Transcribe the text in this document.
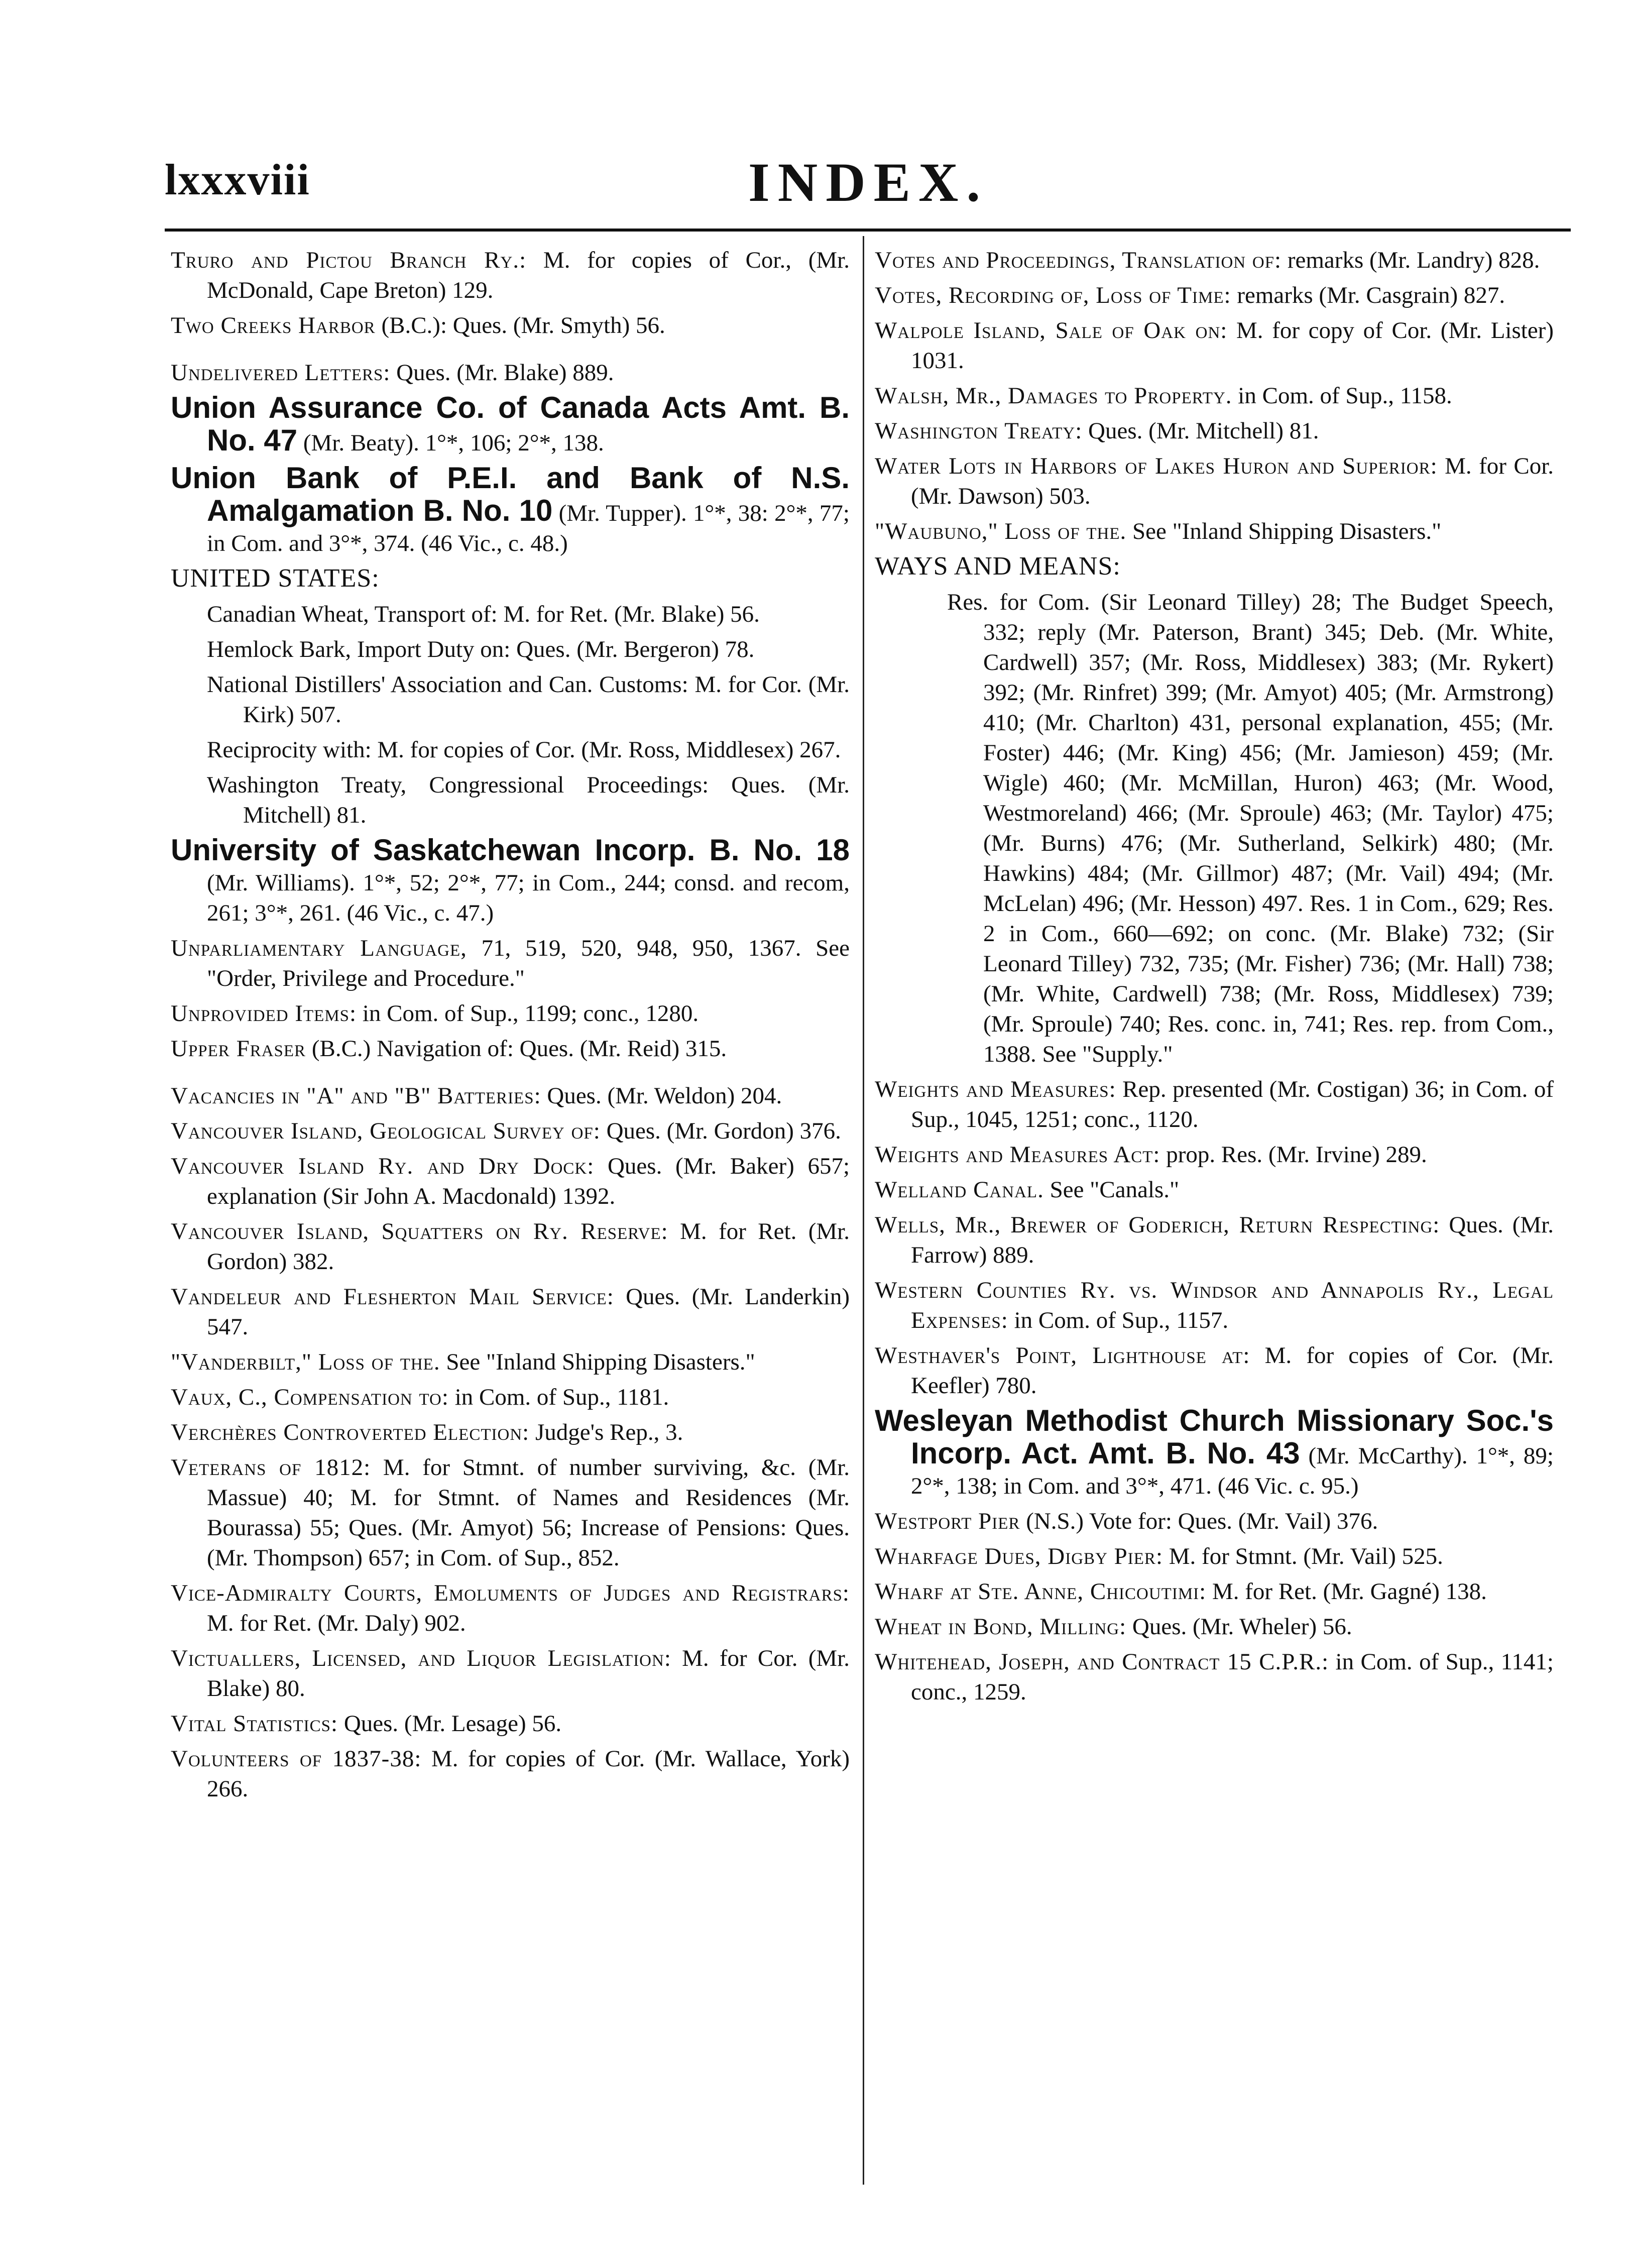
lxxxviii	INDEX.
Truro and Pictou Branch Ry.: M. for copies of Cor., (Mr. McDonald, Cape Breton) 129.
Two Creeks Harbor (B.C.): Ques. (Mr. Smyth) 56.
Undelivered Letters: Ques. (Mr. Blake) 889.
Union Assurance Co. of Canada Acts Amt. B. No. 47 (Mr. Beaty). 1°*, 106; 2°*, 138.
Union Bank of P.E.I. and Bank of N.S. Amalgamation B. No. 10 (Mr. Tupper). 1°*, 38: 2°*, 77; in Com. and 3°*, 374. (46 Vic., c. 48.)
UNITED STATES:
Canadian Wheat, Transport of: M. for Ret. (Mr. Blake) 56.
Hemlock Bark, Import Duty on: Ques. (Mr. Bergeron) 78.
National Distillers' Association and Can. Customs: M. for Cor. (Mr. Kirk) 507.
Reciprocity with: M. for copies of Cor. (Mr. Ross, Middlesex) 267.
Washington Treaty, Congressional Proceedings: Ques. (Mr. Mitchell) 81.
University of Saskatchewan Incorp. B. No. 18 (Mr. Williams). 1°*, 52; 2°*, 77; in Com., 244; consd. and recom, 261; 3°*, 261. (46 Vic., c. 47.)
Unparliamentary Language, 71, 519, 520, 948, 950, 1367. See "Order, Privilege and Procedure."
Unprovided Items: in Com. of Sup., 1199; conc., 1280.
Upper Fraser (B.C.) Navigation of: Ques. (Mr. Reid) 315.
Vacancies in "A" and "B" Batteries: Ques. (Mr. Weldon) 204.
Vancouver Island, Geological Survey of: Ques. (Mr. Gordon) 376.
Vancouver Island Ry. and Dry Dock: Ques. (Mr. Baker) 657; explanation (Sir John A. Macdonald) 1392.
Vancouver Island, Squatters on Ry. Reserve: M. for Ret. (Mr. Gordon) 382.
Vandeleur and Flesherton Mail Service: Ques. (Mr. Landerkin) 547.
"Vanderbilt," Loss of the. See "Inland Shipping Disasters."
Vaux, C., Compensation to: in Com. of Sup., 1181.
Verchères Controverted Election: Judge's Rep., 3.
Veterans of 1812: M. for Stmnt. of number surviving, &c. (Mr. Massue) 40; M. for Stmnt. of Names and Residences (Mr. Bourassa) 55; Ques. (Mr. Amyot) 56; Increase of Pensions: Ques. (Mr. Thompson) 657; in Com. of Sup., 852.
Vice-Admiralty Courts, Emoluments of Judges and Registrars: M. for Ret. (Mr. Daly) 902.
Victuallers, Licensed, and Liquor Legislation: M. for Cor. (Mr. Blake) 80.
Vital Statistics: Ques. (Mr. Lesage) 56.
Volunteers of 1837-38: M. for copies of Cor. (Mr. Wallace, York) 266.
Votes and Proceedings, Translation of: remarks (Mr. Landry) 828.
Votes, Recording of, Loss of Time: remarks (Mr. Casgrain) 827.
Walpole Island, Sale of Oak on: M. for copy of Cor. (Mr. Lister) 1031.
Walsh, Mr., Damages to Property. in Com. of Sup., 1158.
Washington Treaty: Ques. (Mr. Mitchell) 81.
Water Lots in Harbors of Lakes Huron and Superior: M. for Cor. (Mr. Dawson) 503.
"Waubuno," Loss of the. See "Inland Shipping Disasters."
WAYS AND MEANS:
Res. for Com. (Sir Leonard Tilley) 28; The Budget Speech, 332; reply (Mr. Paterson, Brant) 345; Deb. (Mr. White, Cardwell) 357; (Mr. Ross, Middlesex) 383; (Mr. Rykert) 392; (Mr. Rinfret) 399; (Mr. Amyot) 405; (Mr. Armstrong) 410; (Mr. Charlton) 431, personal explanation, 455; (Mr. Foster) 446; (Mr. King) 456; (Mr. Jamieson) 459; (Mr. Wigle) 460; (Mr. McMillan, Huron) 463; (Mr. Wood, Westmoreland) 466; (Mr. Sproule) 463; (Mr. Taylor) 475; (Mr. Burns) 476; (Mr. Sutherland, Selkirk) 480; (Mr. Hawkins) 484; (Mr. Gillmor) 487; (Mr. Vail) 494; (Mr. McLelan) 496; (Mr. Hesson) 497. Res. 1 in Com., 629; Res. 2 in Com., 660—692; on conc. (Mr. Blake) 732; (Sir Leonard Tilley) 732, 735; (Mr. Fisher) 736; (Mr. Hall) 738; (Mr. White, Cardwell) 738; (Mr. Ross, Middlesex) 739; (Mr. Sproule) 740; Res. conc. in, 741; Res. rep. from Com., 1388. See "Supply."
Weights and Measures: Rep. presented (Mr. Costigan) 36; in Com. of Sup., 1045, 1251; conc., 1120.
Weights and Measures Act: prop. Res. (Mr. Irvine) 289.
Welland Canal. See "Canals."
Wells, Mr., Brewer of Goderich, Return Respecting: Ques. (Mr. Farrow) 889.
Western Counties Ry. vs. Windsor and Annapolis Ry., Legal Expenses: in Com. of Sup., 1157.
Westhaver's Point, Lighthouse at: M. for copies of Cor. (Mr. Keefler) 780.
Wesleyan Methodist Church Missionary Soc.'s Incorp. Act. Amt. B. No. 43 (Mr. McCarthy). 1°*, 89; 2°*, 138; in Com. and 3°*, 471. (46 Vic. c. 95.)
Westport Pier (N.S.) Vote for: Ques. (Mr. Vail) 376.
Wharfage Dues, Digby Pier: M. for Stmnt. (Mr. Vail) 525.
Wharf at Ste. Anne, Chicoutimi: M. for Ret. (Mr. Gagné) 138.
Wheat in Bond, Milling: Ques. (Mr. Wheler) 56.
Whitehead, Joseph, and Contract 15 C.P.R.: in Com. of Sup., 1141; conc., 1259.
